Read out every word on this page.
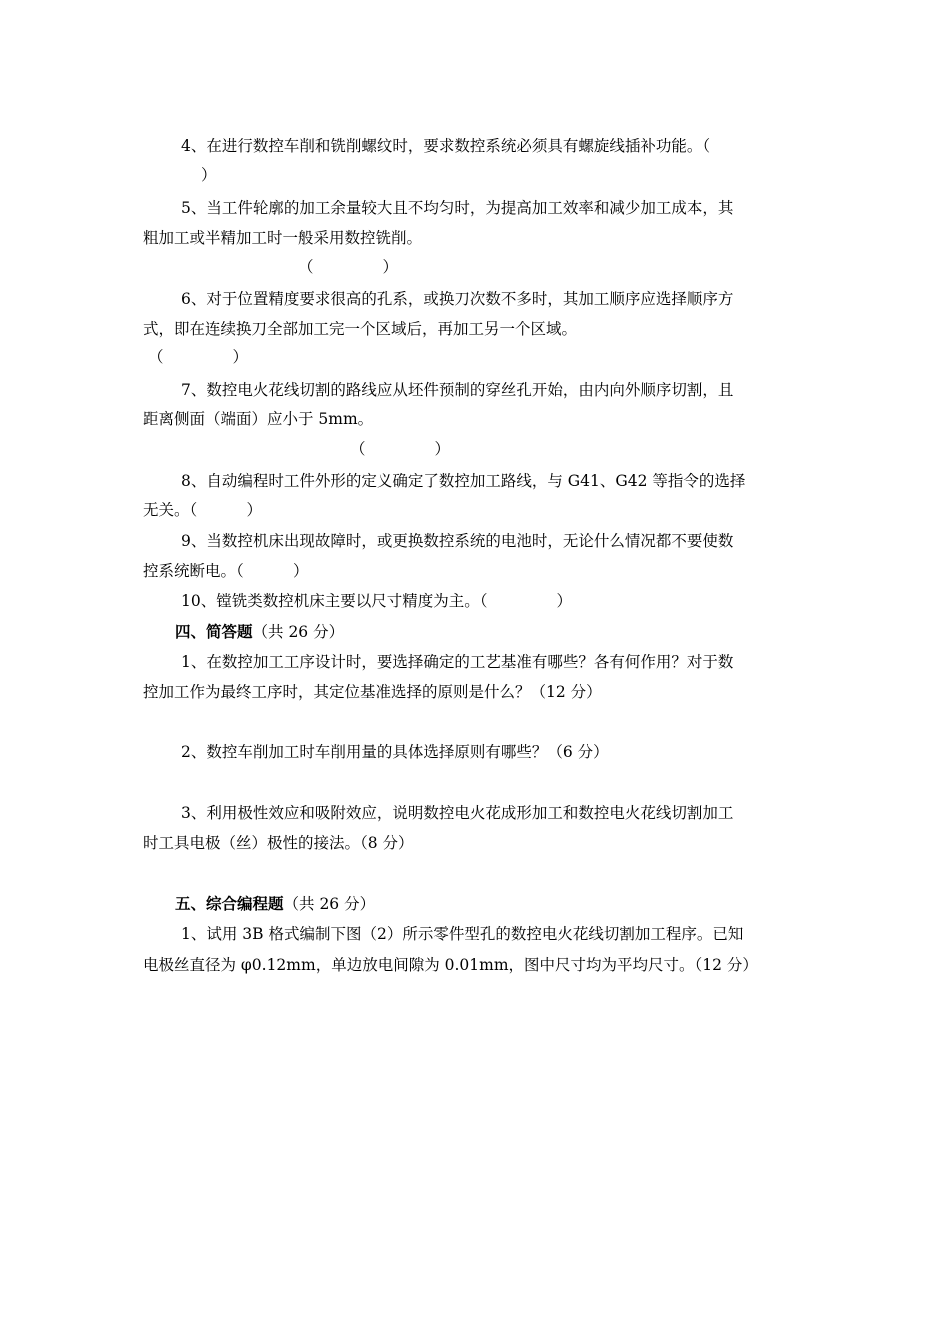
4、在进行数控车削和铣削螺纹时，要求数控系统必须具有螺旋线插补功能。（
）
5、当工件轮廓的加工余量较大且不均匀时，为提高加工效率和减少加工成本，其
粗加工或半精加工时一般采用数控铣削。
（              ）
6、对于位置精度要求很高的孔系，或换刀次数不多时，其加工顺序应选择顺序方
式，即在连续换刀全部加工完一个区域后，再加工另一个区域。
（              ）
7、数控电火花线切割的路线应从坯件预制的穿丝孔开始，由内向外顺序切割，且
距离侧面（端面）应小于 5mm。
（              ）
8、自动编程时工件外形的定义确定了数控加工路线，与 G41、G42 等指令的选择
无关。（          ）
9、当数控机床出现故障时，或更换数控系统的电池时，无论什么情况都不要使数
控系统断电。（          ）
10、镗铣类数控机床主要以尺寸精度为主。（              ）
四、简答题（共 26 分）
1、在数控加工工序设计时，要选择确定的工艺基准有哪些？各有何作用？对于数
控加工作为最终工序时，其定位基准选择的原则是什么？（12 分）
2、数控车削加工时车削用量的具体选择原则有哪些？（6 分）
3、利用极性效应和吸附效应，说明数控电火花成形加工和数控电火花线切割加工
时工具电极（丝）极性的接法。（8 分）
五、综合编程题（共 26 分）
1、试用 3B 格式编制下图（2）所示零件型孔的数控电火花线切割加工程序。已知
电极丝直径为 φ0.12mm，单边放电间隙为 0.01mm，图中尺寸均为平均尺寸。（12 分）
